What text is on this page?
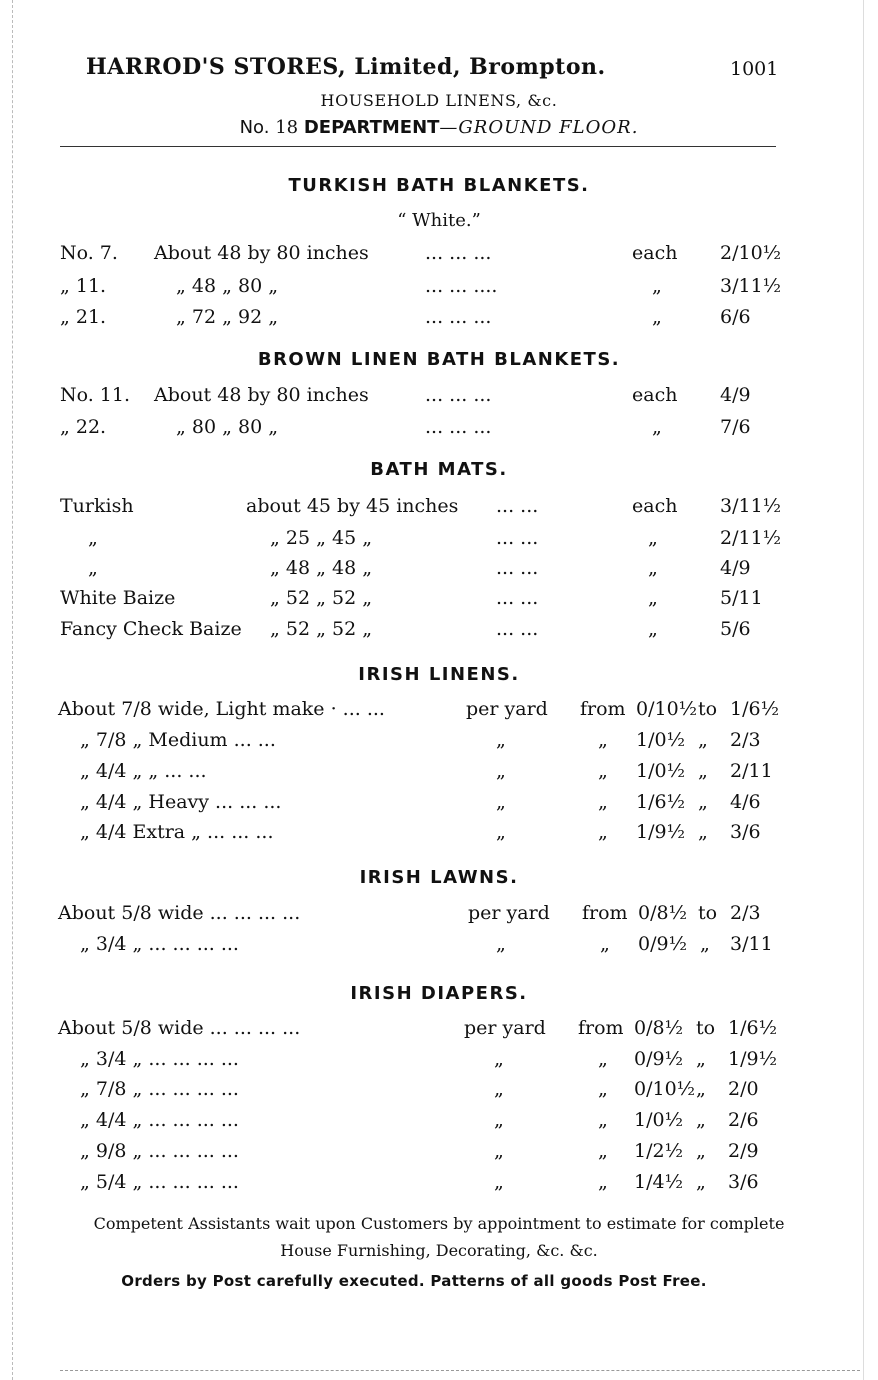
HARROD'S STORES, Limited, Brompton.	1001
HOUSEHOLD LINENS, &c.
No. 18 DEPARTMENT—GROUND FLOOR.
TURKISH BATH BLANKETS.
“ White.”
No. 7. About 48 by 80 inches	... ... ...	each 2/10½
„ 11.	„ 48 „ 80 „	... ... ....	„	3/11½
„ 21.	„ 72 „ 92 „	... ... ...	„	6/6
BROWN LINEN BATH BLANKETS.
No. 11. About 48 by 80 inches	... ... ...	each 4/9
„ 22.	„ 80 „ 80 „	... ... ...	„	7/6
BATH MATS.
Turkish	about 45 by 45 inches ... ...	each 3/11½
„	„ 25 „ 45 „	... ...	„	2/11½
„	„ 48 „ 48 „	... ...	„	4/9
White Baize	„ 52 „ 52 „	... ...	„	5/11
Fancy Check Baize „ 52 „ 52 „	... ...	„	5/6
IRISH LINENS.
About 7/8 wide, Light make · ... ...	per yard from 0/10½ to 1/6½
„ 7/8 „ Medium ... ...	„	„ 1/0½ „ 2/3
„ 4/4 „ „ ... ...	„	„ 1/0½ „ 2/11
„ 4/4 „ Heavy ... ... ...	„	„ 1/6½ „ 4/6
„ 4/4 Extra „ ... ... ...	„	„ 1/9½ „ 3/6
IRISH LAWNS.
About 5/8 wide ... ... ... ...	per yard from 0/8½ to 2/3
„ 3/4 „ ... ... ... ...	„	„ 0/9½ „ 3/11
IRISH DIAPERS.
About 5/8 wide ... ... ... ...	per yard from 0/8½ to 1/6½
„ 3/4 „ ... ... ... ...	„	„ 0/9½ „ 1/9½
„ 7/8 „ ... ... ... ...	„	„ 0/10½ „ 2/0
„ 4/4 „ ... ... ... ...	„	„ 1/0½ „ 2/6
„ 9/8 „ ... ... ... ...	„	„ 1/2½ „ 2/9
„ 5/4 „ ... ... ... ...	„	„ 1/4½ „ 3/6
Competent Assistants wait upon Customers by appointment to estimate for complete
House Furnishing, Decorating, &c. &c.
Orders by Post carefully executed. Patterns of all goods Post Free.
